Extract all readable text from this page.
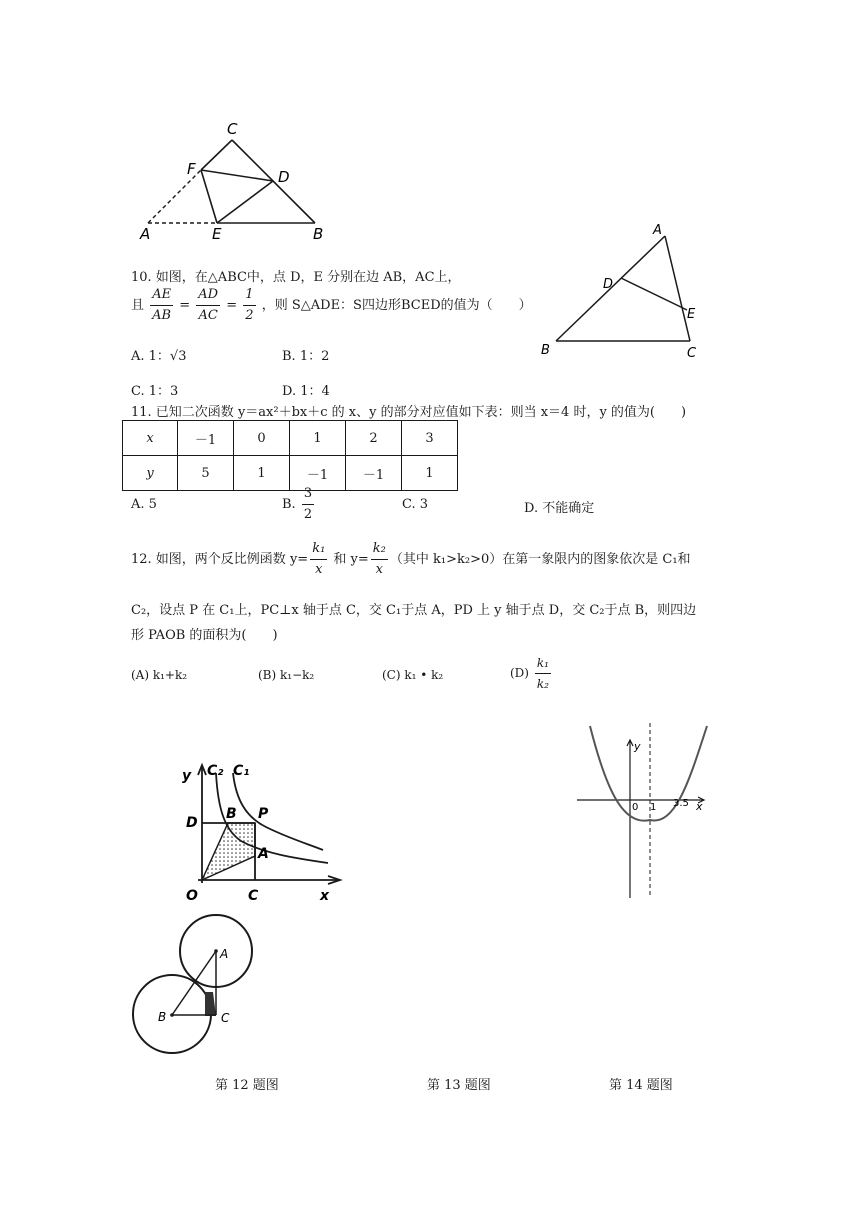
C
F	D
A	E	B	A
D
E
B	C
10. 如图，在△ABC中，点 D，E 分别在边 AB，AC上，
且 $\frac{AE}{AB} = \frac{AD}{AC} = \frac{1}{2}$ ，则 S△ADE：S四边形BCED的值为（　　）
A. 1：√3	B. 1：2
C. 1：3	D. 1：4
11. 已知二次函数 y＝ax²＋bx＋c 的 x、y 的部分对应值如下表：则当 x＝4 时，y 的值为(　　)
x	－1	0	1	2	3
y	5	1	－1	－1	1
A. 5	B. $\frac{3}{2}$	C. 3	D. 不能确定
12. 如图，两个反比例函数 $y= \frac{\text{k₁}}{x}$ 和 $y= \frac{\text{k₂}}{x}$ （其中 k₁>k₂>0）在第一象限内的图象依次是 C₁和
C₂，设点 P 在 C₁上，PC⊥x 轴于点 C，交 C₁于点 A，PD 上 y 轴于点 D，交 C₂于点 B，则四边
形 PAOB 的面积为(　　)
(A) k₁+k₂	(B) k₁−k₂	(C) k₁ • k₂	$(D) \frac{\text{k₁}}{\text{k₂}}$
y C₂ C₁
D
B P
A
O	C	x
y
x
0 1 3.5
A
B	C
第 12 题图	第 13 题图	第 14 题图
